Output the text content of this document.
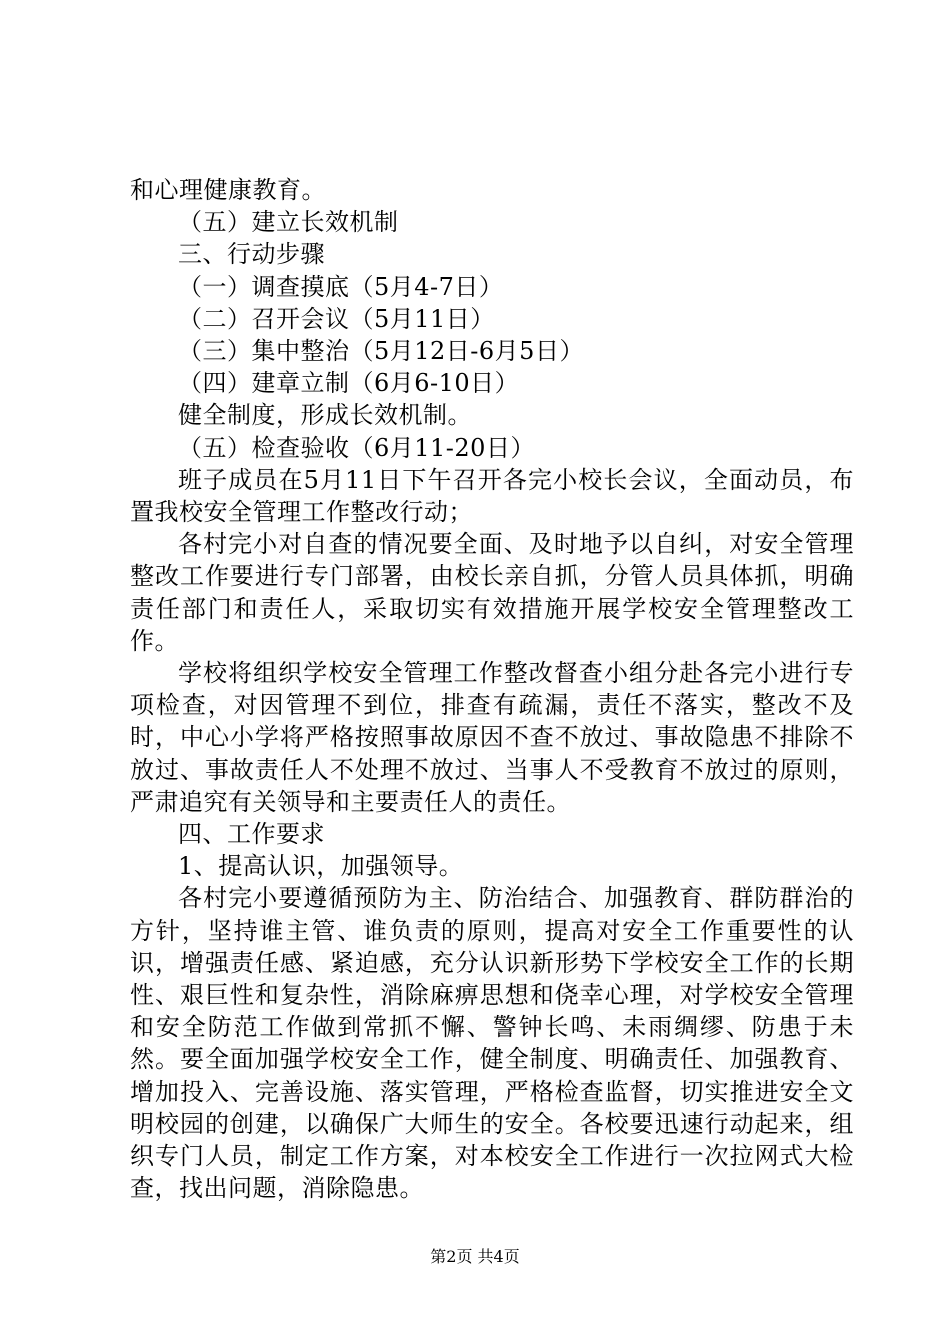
和心理健康教育。

（五）建立长效机制

三、行动步骤

（一）调查摸底（5月4-7日）

（二）召开会议（5月11日）

（三）集中整治（5月12日-6月5日）

（四）建章立制（6月6-10日）

健全制度，形成长效机制。

（五）检查验收（6月11-20日）

班子成员在5月11日下午召开各完小校长会议，全面动员，布置我校安全管理工作整改行动；

各村完小对自查的情况要全面、及时地予以自纠，对安全管理整改工作要进行专门部署，由校长亲自抓，分管人员具体抓，明确责任部门和责任人，采取切实有效措施开展学校安全管理整改工作。

学校将组织学校安全管理工作整改督查小组分赴各完小进行专项检查，对因管理不到位，排查有疏漏，责任不落实，整改不及时，中心小学将严格按照事故原因不查不放过、事故隐患不排除不放过、事故责任人不处理不放过、当事人不受教育不放过的原则，严肃追究有关领导和主要责任人的责任。

四、工作要求

1、提高认识，加强领导。

各村完小要遵循预防为主、防治结合、加强教育、群防群治的方针，坚持谁主管、谁负责的原则，提高对安全工作重要性的认识，增强责任感、紧迫感，充分认识新形势下学校安全工作的长期性、艰巨性和复杂性，消除麻痹思想和侥幸心理，对学校安全管理和安全防范工作做到常抓不懈、警钟长鸣、未雨绸缪、防患于未然。要全面加强学校安全工作，健全制度、明确责任、加强教育、增加投入、完善设施、落实管理，严格检查监督，切实推进安全文明校园的创建，以确保广大师生的安全。各校要迅速行动起来，组织专门人员，制定工作方案，对本校安全工作进行一次拉网式大检查，找出问题，消除隐患。

第2页 共4页
